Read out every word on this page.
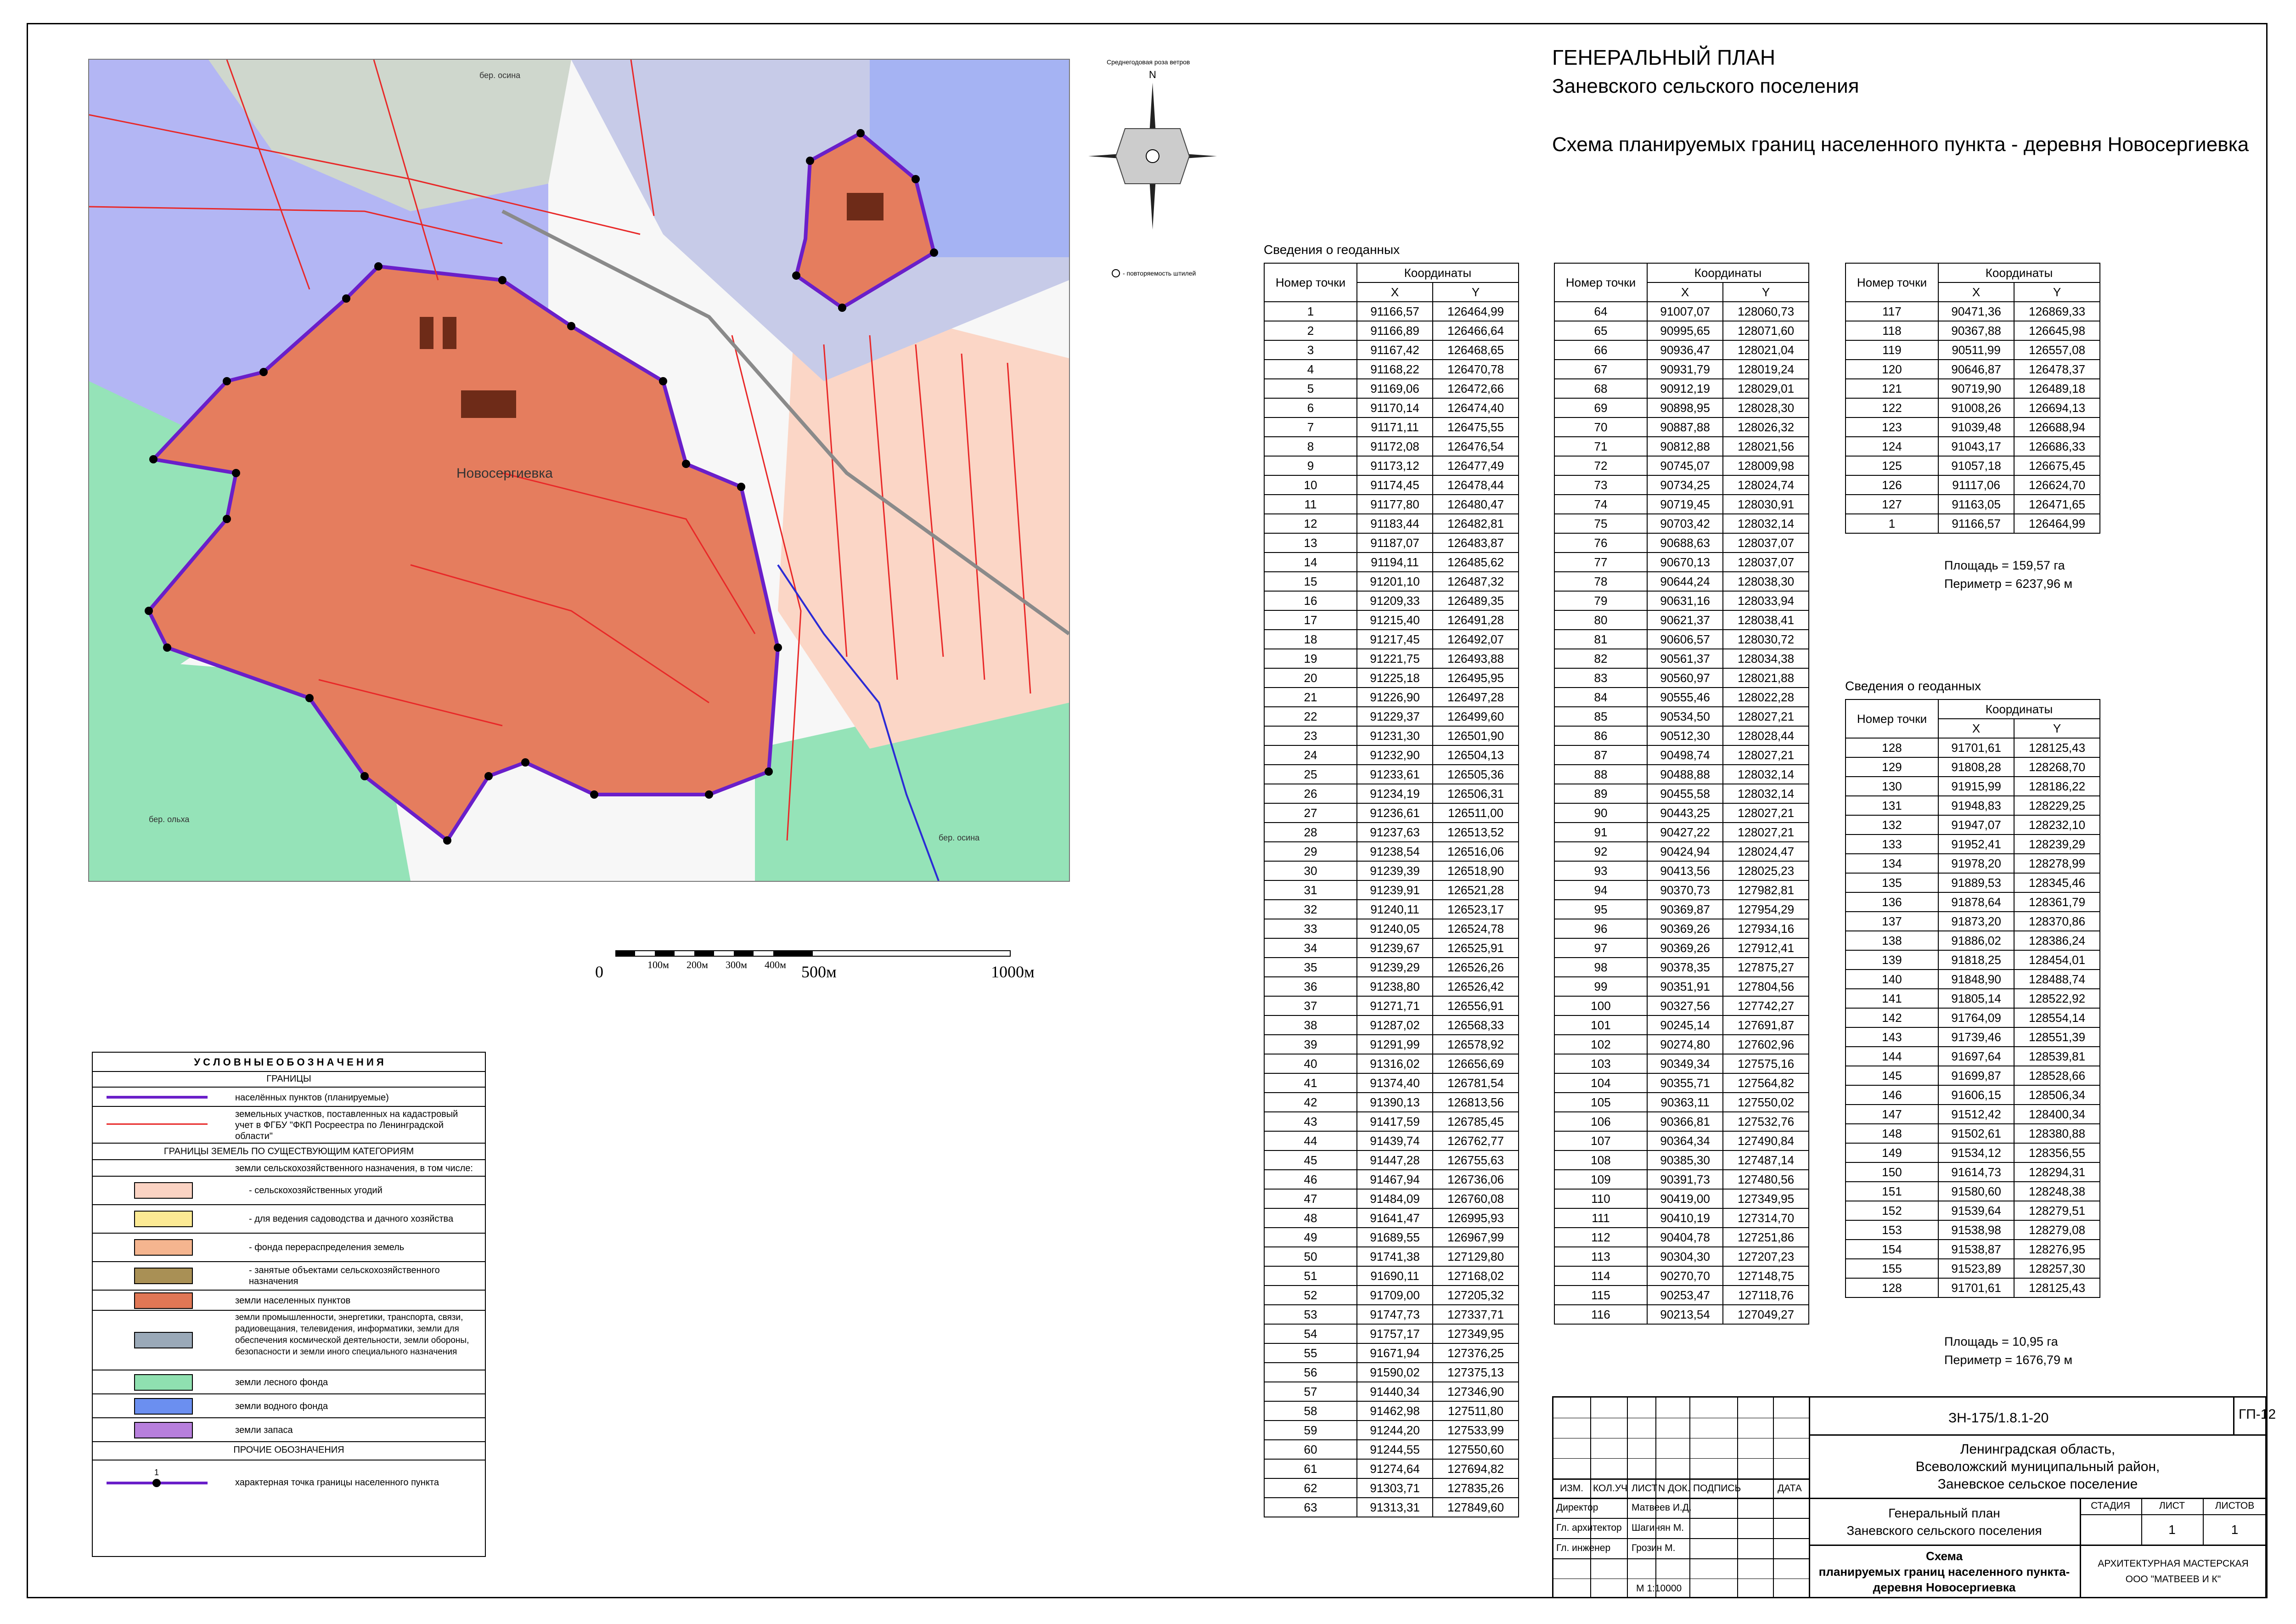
ГЕНЕРАЛЬНЫЙ ПЛАН
Заневского сельского поселения
Схема планируемых границ населенного пункта - деревня Новосергиевка
Новосергиевка
бер. осина
бер. ольха
бер. осина
Среднегодовая роза ветров
N
- повторяемость штилей
0	100м 200м 300м 400м 500м	1000м
У С Л О В Н Ы Е О Б О З Н А Ч Е Н И Я
ГРАНИЦЫ
населённых пунктов (планируемые)
земельных участков, поставленных на кадастровый учет в ФГБУ "ФКП Росреестра по Ленинградской области"
ГРАНИЦЫ ЗЕМЕЛЬ ПО СУЩЕСТВУЮЩИМ КАТЕГОРИЯМ
земли сельскохозяйственного назначения, в том числе:
- сельскохозяйственных угодий
- для ведения садоводства и дачного хозяйства
- фонда перераспределения земель
- занятые объектами сельскохозяйственного назначения
земли населенных пунктов
земли промышленности, энергетики, транспорта, связи, радиовещания, телевидения, информатики, земли для обеспечения космической деятельности, земли обороны, безопасности и земли иного специального назначения
земли лесного фонда
земли водного фонда
земли запаса
ПРОЧИЕ ОБОЗНАЧЕНИЯ
1
характерная точка границы населенного пункта
Сведения о геоданных
Номер точки	Координаты	
	X	Y
1	91166,57	126464,99
2	91166,89	126466,64
3	91167,42	126468,65
4	91168,22	126470,78
5	91169,06	126472,66
6	91170,14	126474,40
7	91171,11	126475,55
8	91172,08	126476,54
9	91173,12	126477,49
10	91174,45	126478,44
11	91177,80	126480,47
12	91183,44	126482,81
13	91187,07	126483,87
14	91194,11	126485,62
15	91201,10	126487,32
16	91209,33	126489,35
17	91215,40	126491,28
18	91217,45	126492,07
19	91221,75	126493,88
20	91225,18	126495,95
21	91226,90	126497,28
22	91229,37	126499,60
23	91231,30	126501,90
24	91232,90	126504,13
25	91233,61	126505,36
26	91234,19	126506,31
27	91236,61	126511,00
28	91237,63	126513,52
29	91238,54	126516,06
30	91239,39	126518,90
31	91239,91	126521,28
32	91240,11	126523,17
33	91240,05	126524,78
34	91239,67	126525,91
35	91239,29	126526,26
36	91238,80	126526,42
37	91271,71	126556,91
38	91287,02	126568,33
39	91291,99	126578,92
40	91316,02	126656,69
41	91374,40	126781,54
42	91390,13	126813,56
43	91417,59	126785,45
44	91439,74	126762,77
45	91447,28	126755,63
46	91467,94	126736,06
47	91484,09	126760,08
48	91641,47	126995,93
49	91689,55	126967,99
50	91741,38	127129,80
51	91690,11	127168,02
52	91709,00	127205,32
53	91747,73	127337,71
54	91757,17	127349,95
55	91671,94	127376,25
56	91590,02	127375,13
57	91440,34	127346,90
58	91462,98	127511,80
59	91244,20	127533,99
60	91244,55	127550,60
61	91274,64	127694,82
62	91303,71	127835,26
63	91313,31	127849,60
Номер точки	Координаты	
	X	Y
64	91007,07	128060,73
65	90995,65	128071,60
66	90936,47	128021,04
67	90931,79	128019,24
68	90912,19	128029,01
69	90898,95	128028,30
70	90887,88	128026,32
71	90812,88	128021,56
72	90745,07	128009,98
73	90734,25	128024,74
74	90719,45	128030,91
75	90703,42	128032,14
76	90688,63	128037,07
77	90670,13	128037,07
78	90644,24	128038,30
79	90631,16	128033,94
80	90621,37	128038,41
81	90606,57	128030,72
82	90561,37	128034,38
83	90560,97	128021,88
84	90555,46	128022,28
85	90534,50	128027,21
86	90512,30	128028,44
87	90498,74	128027,21
88	90488,88	128032,14
89	90455,58	128032,14
90	90443,25	128027,21
91	90427,22	128027,21
92	90424,94	128024,47
93	90413,56	128025,23
94	90370,73	127982,81
95	90369,87	127954,29
96	90369,26	127934,16
97	90369,26	127912,41
98	90378,35	127875,27
99	90351,91	127804,56
100	90327,56	127742,27
101	90245,14	127691,87
102	90274,80	127602,96
103	90349,34	127575,16
104	90355,71	127564,82
105	90363,11	127550,02
106	90366,81	127532,76
107	90364,34	127490,84
108	90385,30	127487,14
109	90391,73	127480,56
110	90419,00	127349,95
111	90410,19	127314,70
112	90404,78	127251,86
113	90304,30	127207,23
114	90270,70	127148,75
115	90253,47	127118,76
116	90213,54	127049,27
Номер точки	Координаты	
	X	Y
117	90471,36	126869,33
118	90367,88	126645,98
119	90511,99	126557,08
120	90646,87	126478,37
121	90719,90	126489,18
122	91008,26	126694,13
123	91039,48	126688,94
124	91043,17	126686,33
125	91057,18	126675,45
126	91117,06	126624,70
127	91163,05	126471,65
1	91166,57	126464,99
Площадь = 159,57 га
Периметр = 6237,96 м
Сведения о геоданных
Номер точки	Координаты	
	X	Y
128	91701,61	128125,43
129	91808,28	128268,70
130	91915,99	128186,22
131	91948,83	128229,25
132	91947,07	128232,10
133	91952,41	128239,29
134	91978,20	128278,99
135	91889,53	128345,46
136	91878,64	128361,79
137	91873,20	128370,86
138	91886,02	128386,24
139	91818,25	128454,01
140	91848,90	128488,74
141	91805,14	128522,92
142	91764,09	128554,14
143	91739,46	128551,39
144	91697,64	128539,81
145	91699,87	128528,66
146	91606,15	128506,34
147	91512,42	128400,34
148	91502,61	128380,88
149	91534,12	128356,55
150	91614,73	128294,31
151	91580,60	128248,38
152	91539,64	128279,51
153	91538,98	128279,08
154	91538,87	128276,95
155	91523,89	128257,30
128	91701,61	128125,43
Площадь = 10,95 га
Периметр = 1676,79 м
ИЗМ. КОЛ.УЧ ЛИСТ N ДОК. ПОДПИСЬ	ДАТА
Директор	Матвеев И.Д.
Гл. архитектор Шагинян М.
Гл. инженер Грозин М.
М 1:10000
ЗН-175/1.8.1-20	ГП-12
Ленинградская область,
Всеволожский муниципальный район,
Заневское сельское поселение
Генеральный план
Заневского сельского поселения
СТАДИЯ	ЛИСТ	ЛИСТОВ
1	1
Схема
планируемых границ населенного пункта-
деревня Новосергиевка
АРХИТЕКТУРНАЯ МАСТЕРСКАЯ
ООО "МАТВЕЕВ И К"
